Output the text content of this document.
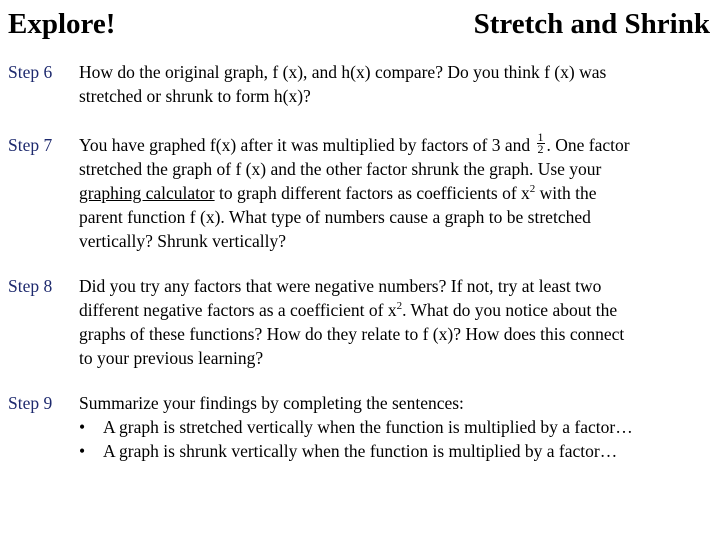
Explore!	Stretch and Shrink
Step 6 How do the original graph, f (x), and h(x) compare? Do you think f (x) was
stretched or shrunk to form h(x)?
Step 7 You have graphed f(x) after it was multiplied by factors of 3 and $\frac{1}{2}$ . One factor
stretched the graph of f (x) and the other factor shrunk the graph. Use your
graphing calculator to graph different factors as coefficients of $x^2$ with the
parent function f (x). What type of numbers cause a graph to be stretched
vertically? Shrunk vertically?
Step 8 Did you try any factors that were negative numbers? If not, try at least two
different negative factors as a coefficient of $x^2$. What do you notice about the
graphs of these functions? How do they relate to f (x)? How does this connect
to your previous learning?
Step 9 Summarize your findings by completing the sentences:
• A graph is stretched vertically when the function is multiplied by a factor…
• A graph is shrunk vertically when the function is multiplied by a factor…
